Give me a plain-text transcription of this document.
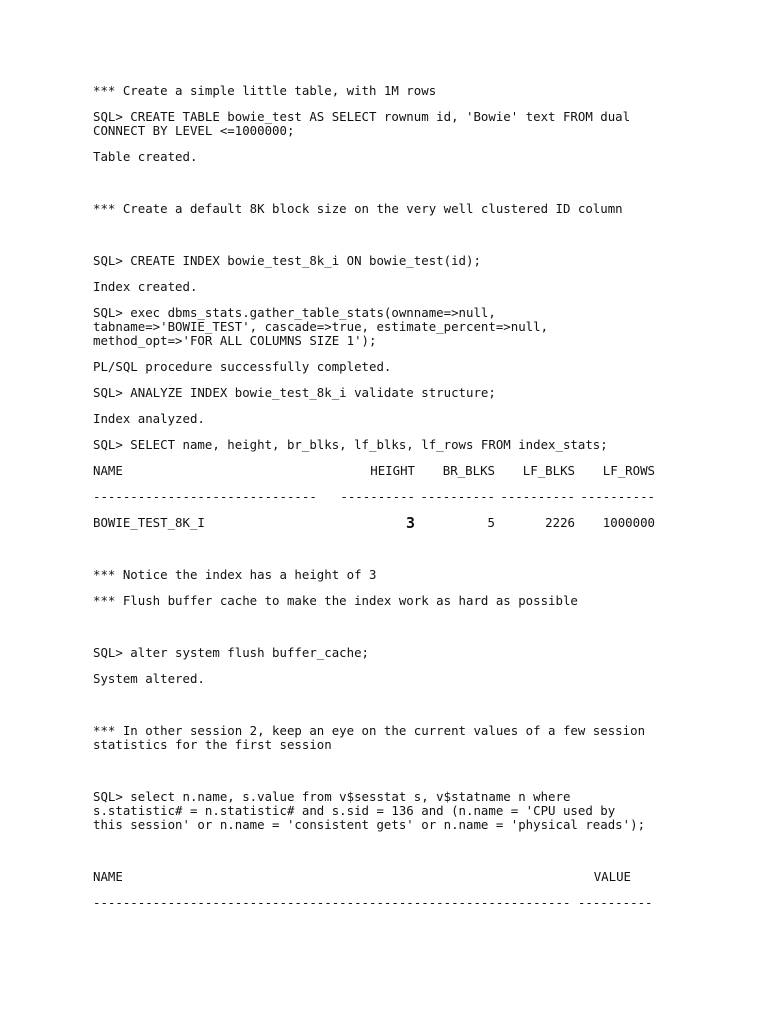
*** Create a simple little table, with 1M rows
SQL> CREATE TABLE bowie_test AS SELECT rownum id, 'Bowie' text FROM dual
CONNECT BY LEVEL <=1000000;
Table created.
*** Create a default 8K block size on the very well clustered ID column
SQL> CREATE INDEX bowie_test_8k_i ON bowie_test(id);
Index created.
SQL> exec dbms_stats.gather_table_stats(ownname=>null,
tabname=>'BOWIE_TEST', cascade=>true, estimate_percent=>null,
method_opt=>'FOR ALL COLUMNS SIZE 1');
PL/SQL procedure successfully completed.
SQL> ANALYZE INDEX bowie_test_8k_i validate structure;
Index analyzed.
SQL> SELECT name, height, br_blks, lf_blks, lf_rows FROM index_stats;
NAME	HEIGHT	BR_BLKS	LF_BLKS	LF_ROWS
------------------------------	---------- ---------- ---------- ----------
BOWIE_TEST_8K_I	3	5	2226	1000000
*** Notice the index has a height of 3
*** Flush buffer cache to make the index work as hard as possible
SQL> alter system flush buffer_cache;
System altered.
*** In other session 2, keep an eye on the current values of a few session
statistics for the first session
SQL> select n.name, s.value from v$sesstat s, v$statname n where
s.statistic# = n.statistic# and s.sid = 136 and (n.name = 'CPU used by
this session' or n.name = 'consistent gets' or n.name = 'physical reads');
NAME	VALUE
---------------------------------------------------------------- ----------
